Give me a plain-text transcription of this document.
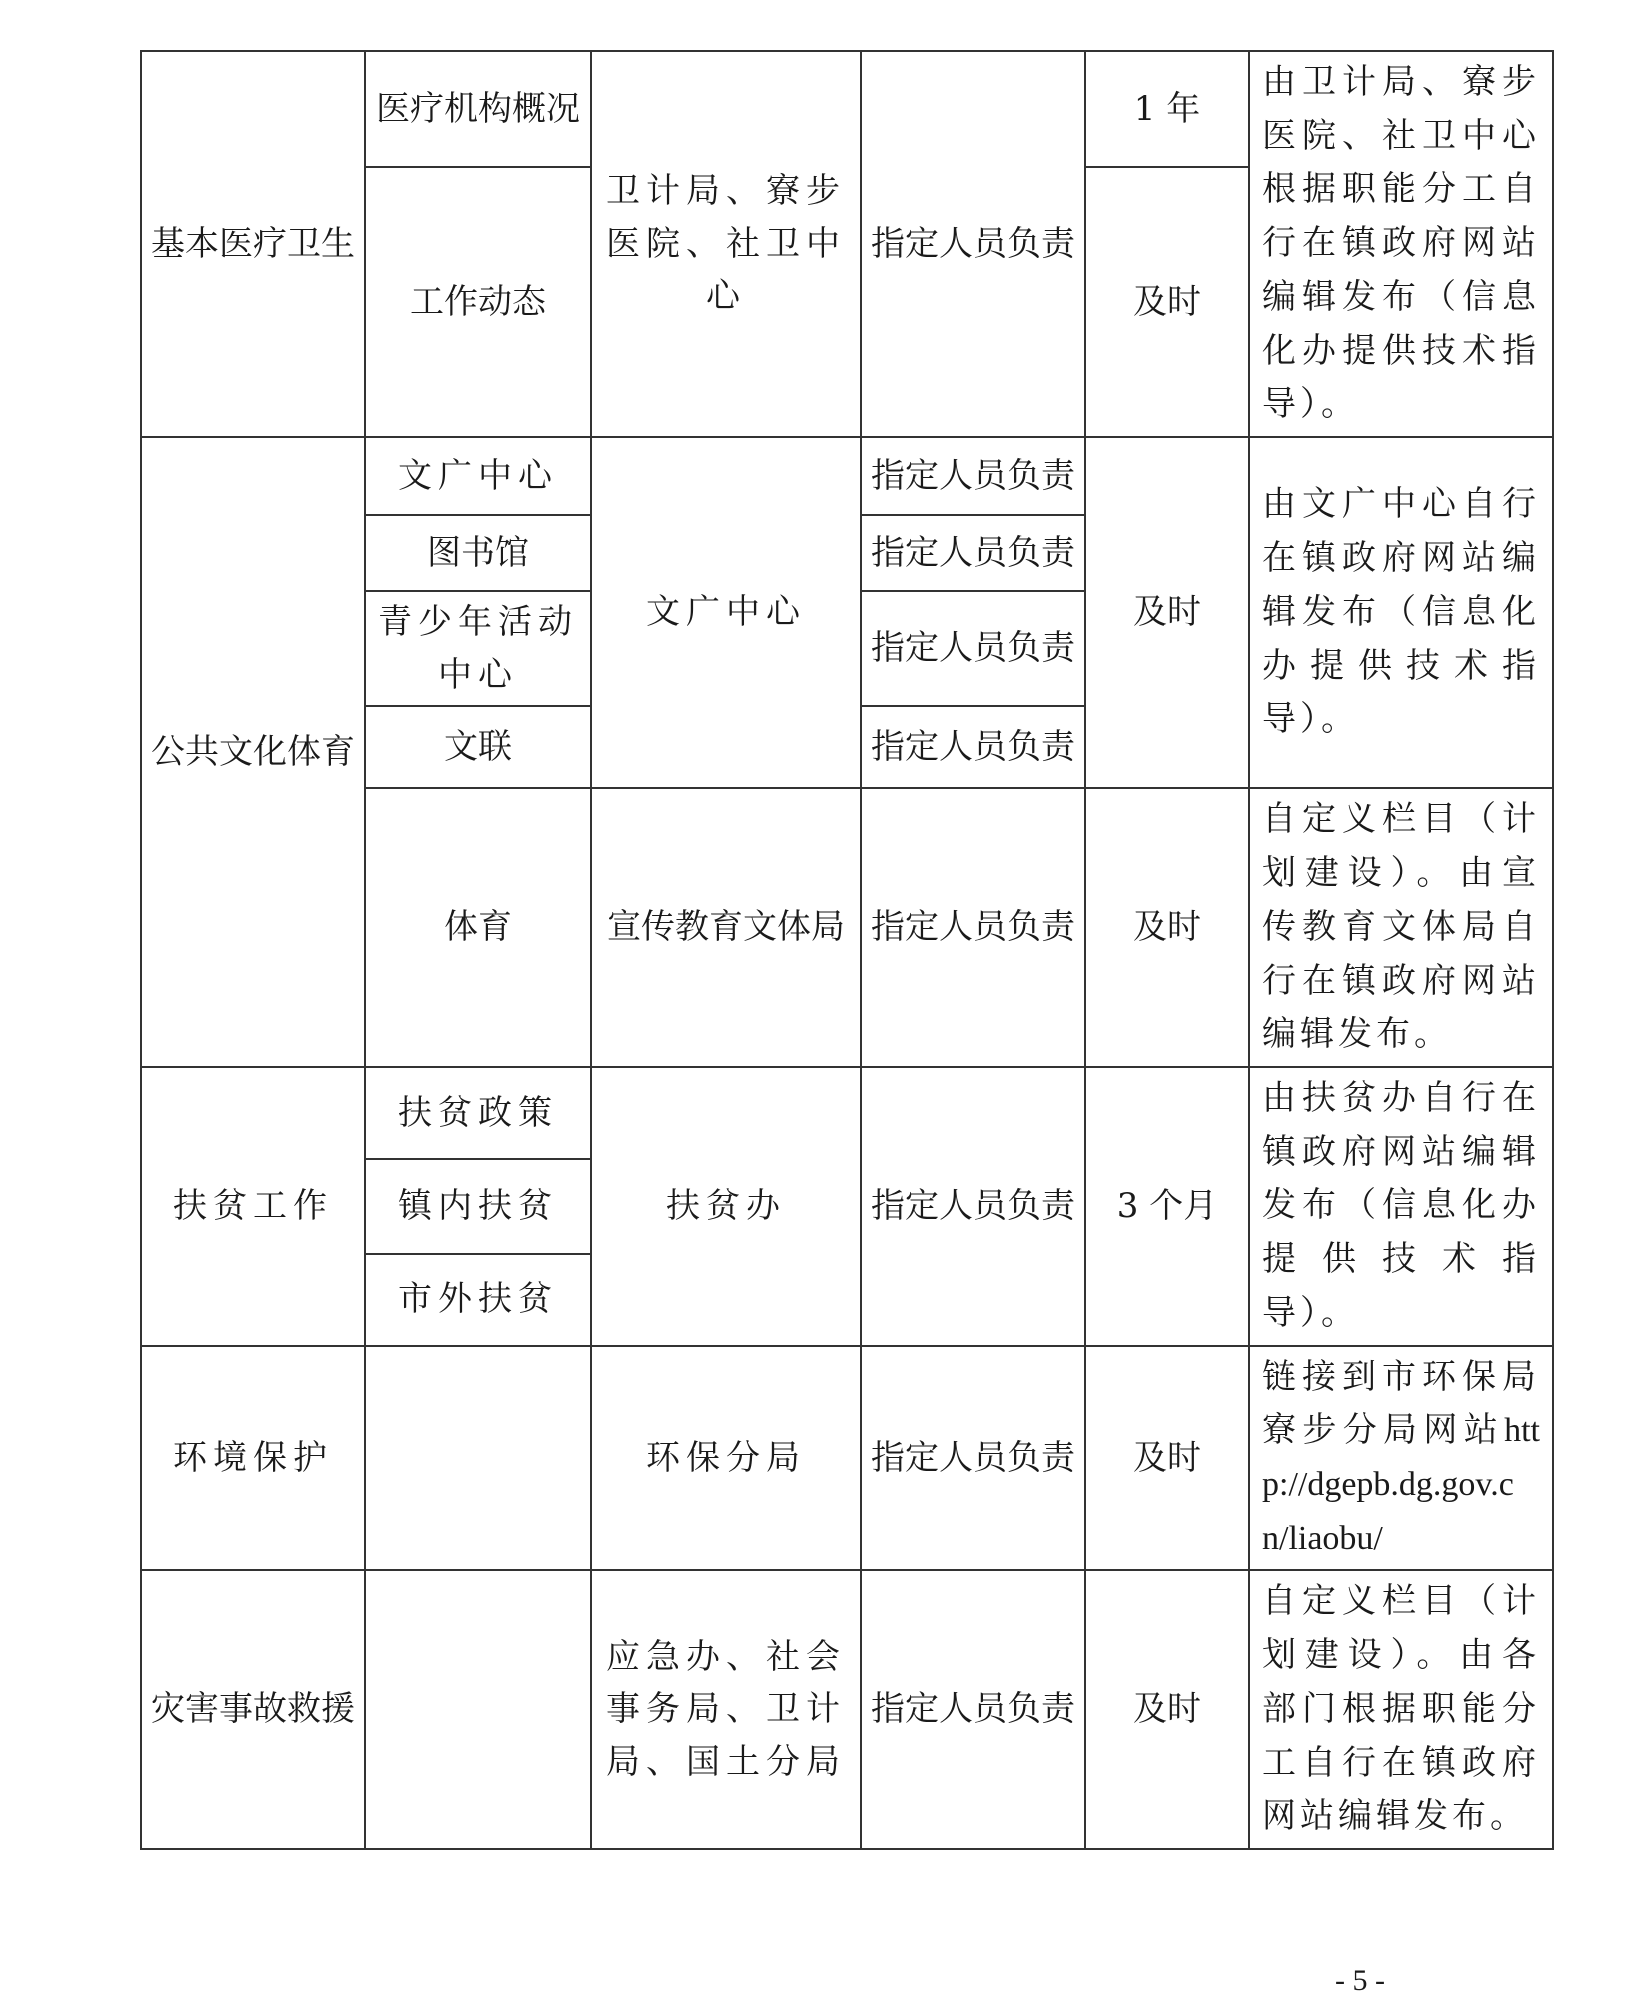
基本医疗卫生	医疗机构概况	卫计局、寮步医院、社卫中心	指定人员负责	1 年	由卫计局、寮步医院、社卫中心根据职能分工自行在镇政府网站编辑发布（信息化办提供技术指导）。
	工作动态			及时	
公共文化体育	文广中心	文广中心	指定人员负责	及时	由文广中心自行在镇政府网站编辑发布（信息化办提供技术指导）。
	图书馆		指定人员负责		
	青少年活动中心		指定人员负责		
	文联		指定人员负责		
	体育	宣传教育文体局	指定人员负责	及时	自定义栏目（计划建设）。由宣传教育文体局自行在镇政府网站编辑发布。
扶贫工作	扶贫政策	扶贫办	指定人员负责	3 个月	由扶贫办自行在镇政府网站编辑发布（信息化办提供技术指导）。
	镇内扶贫				
	市外扶贫				
环境保护		环保分局	指定人员负责	及时	链接到市环保局寮步分局网站http://dgepb.dg.gov.cn/liaobu/
灾害事故救援		应急办、社会事务局、卫计局、国土分局	指定人员负责	及时	自定义栏目（计划建设）。由各部门根据职能分工自行在镇政府网站编辑发布。
- 5 -
